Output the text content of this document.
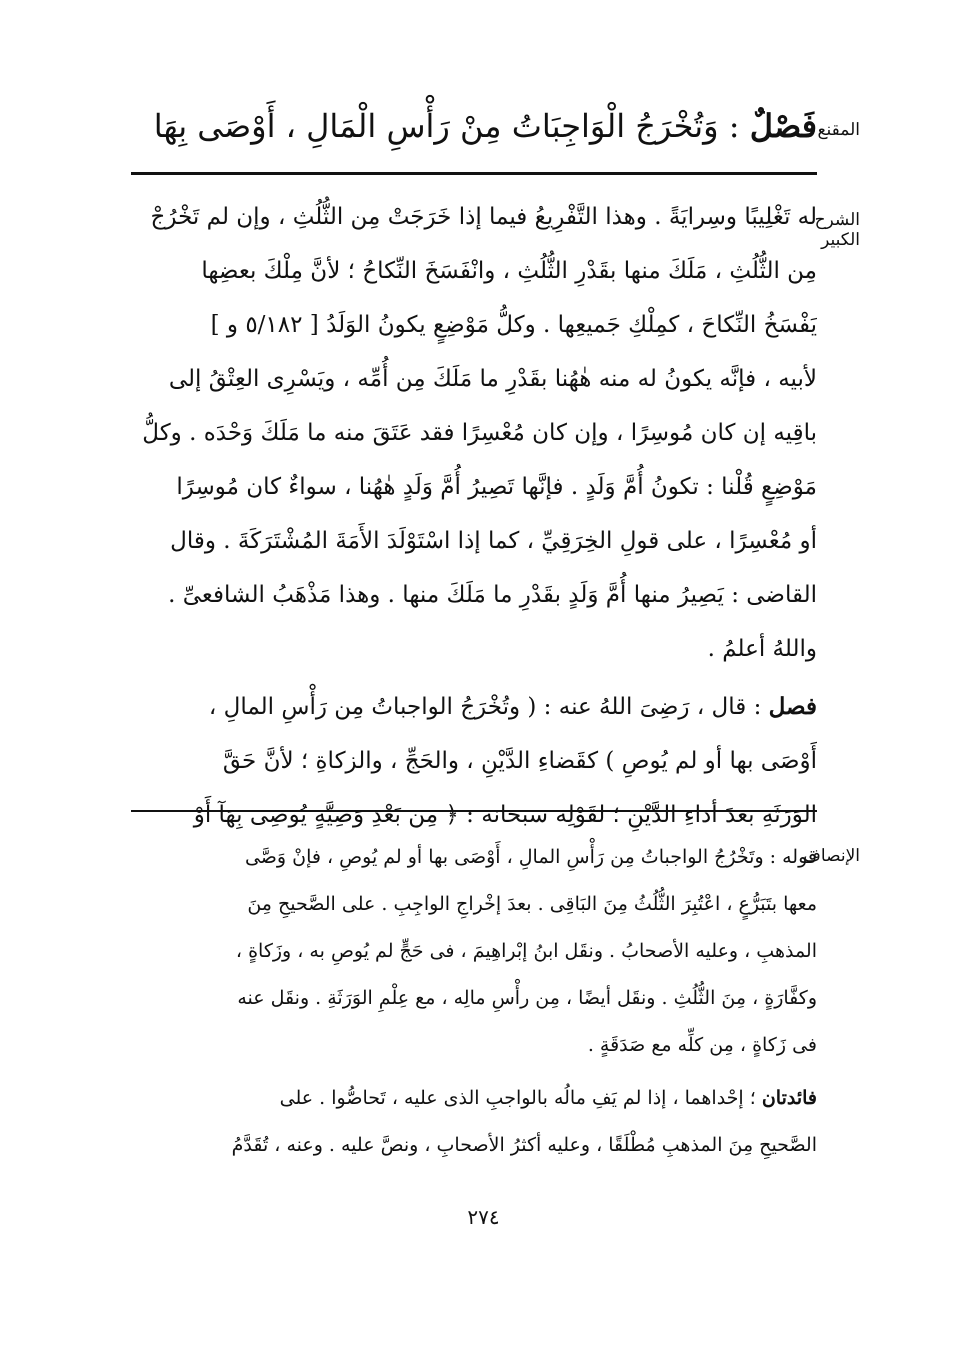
المقنع
الشرح الكبير
الإنصاف
فَصْلٌ : وَتُخْرَجُ الْوَاجِبَاتُ مِنْ رَأْسِ الْمَالِ ، أَوْصَى بِهَا
له تَغْلِيبًا وسِرايَةً . وهذا التَّفْرِيعُ فيما إذا خَرَجَتْ مِن الثُّلُثِ ، وإن لم تَخْرُجْ
مِن الثُّلُثِ ، مَلَكَ منها بقَدْرِ الثُّلُثِ ، وانْفَسَخَ النِّكاحُ ؛ لأنَّ مِلْكَ بعضِها
يَفْسَخُ النِّكاحَ ، كمِلْكِ جَميعِها . وكلُّ مَوْضِعٍ يكونُ الوَلَدُ [ ٥/١٨٢ و ]
لأبيه ، فإنَّه يكونُ له منه هٰهُنا بقَدْرِ ما مَلَكَ مِن أُمِّه ، ويَسْرِى العِتْقُ إلى
باقِيه إن كان مُوسِرًا ، وإن كان مُعْسِرًا فقد عَتَقَ منه ما مَلَكَ وَحْدَه . وكلُّ
مَوْضِعٍ قُلْنا : تكونُ أُمَّ وَلَدٍ . فإنَّها تَصِيرُ أُمَّ وَلَدٍ هٰهُنا ، سواءٌ كان مُوسِرًا
أو مُعْسِرًا ، على قولِ الخِرَقِيِّ ، كما إذا اسْتَوْلَدَ الأَمَةَ المُشْتَرَكَةَ . وقال
القاضى : يَصِيرُ منها أُمَّ وَلَدٍ بقَدْرِ ما مَلَكَ منها . وهذا مَذْهَبُ الشافعىِّ .
واللهُ أعلمُ .
فصل : قال ، رَضِىَ اللهُ عنه : ( وتُخْرَجُ الواجباتُ مِن رَأْسِ المالِ ،
أَوْصَى بها أو لم يُوصِ ) كقَضاءِ الدَّيْنِ ، والحَجِّ ، والزكاةِ ؛ لأنَّ حَقَّ
الوَرَثَةِ بعدَ أداءِ الدَّيْنِ ؛ لقَوْلِه سبحانه : ﴿ مِن بَعْدِ وَصِيَّةٍ يُوصِى بِهَآ أَوْ
قوله : وتَخْرُجُ الواجباتُ مِن رَأْسِ المالِ ، أَوْصَى بها أو لم يُوصِ ، فإنْ وَصَّى
معها بتَبَرُّعٍ ، اعْتُبِرَ الثُّلُثُ مِنَ البَاقِى . بعدَ إخْراجِ الواجِبِ . على الصَّحيحِ مِنَ
المذهبِ ، وعليه الأصحابُ . ونقَل ابنُ إبْراهِيمَ ، فى حَجٍّ لم يُوصِ به ، وزَكاةٍ ،
وكفَّارَةٍ ، مِنَ الثُّلُثِ . ونقَل أيضًا ، مِن رأْسِ مالِه ، مع عِلْمِ الوَرَثَةِ . ونقَل عنه
فى زَكاةٍ ، مِن كلِّه مع صَدَقَةٍ .
فائدتان ؛ إحْداهما ، إذا لم يَفِ مالُه بالواجبِ الذى عليه ، تَحاصُّوا . على
الصَّحيحِ مِنَ المذهبِ مُطْلَقًا ، وعليه أكثرُ الأصحابِ ، ونصَّ عليه . وعنه ، تُقَدَّمُ
٢٧٤
